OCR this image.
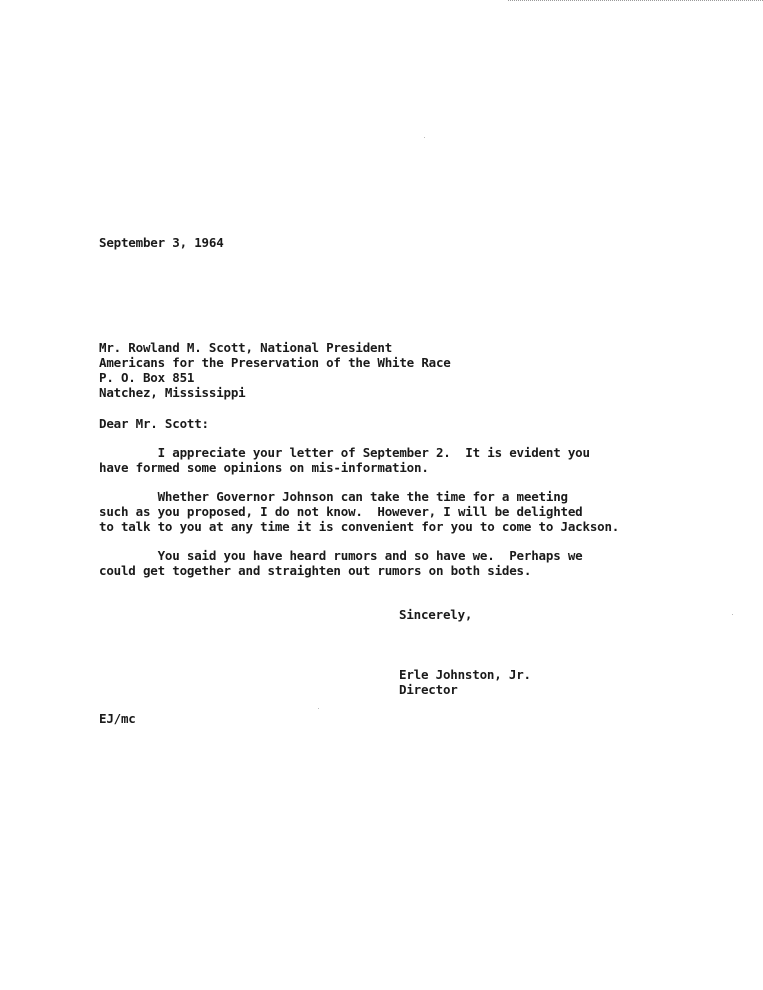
September 3, 1964
Mr. Rowland M. Scott, National President
Americans for the Preservation of the White Race
P. O. Box 851
Natchez, Mississippi
Dear Mr. Scott:
I appreciate your letter of September 2.  It is evident you
have formed some opinions on mis-information.
Whether Governor Johnson can take the time for a meeting
such as you proposed, I do not know.  However, I will be delighted
to talk to you at any time it is convenient for you to come to Jackson.
You said you have heard rumors and so have we.  Perhaps we
could get together and straighten out rumors on both sides.
Sincerely,
Erle Johnston, Jr.
Director
EJ/mc
